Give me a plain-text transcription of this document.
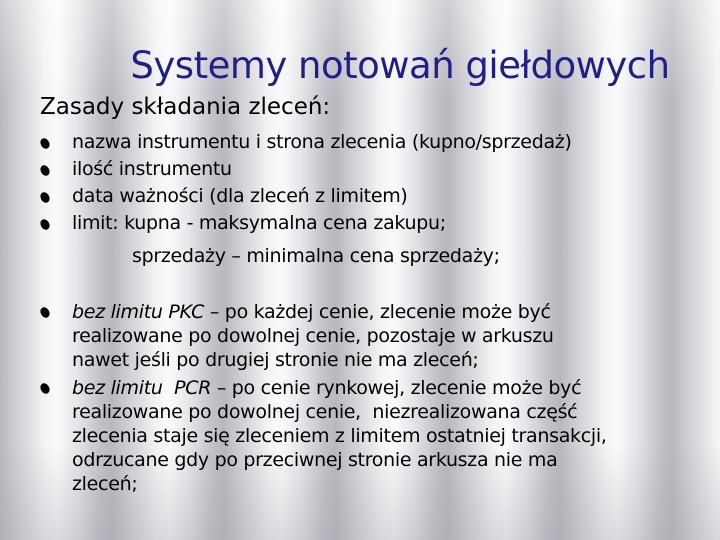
Systemy notowań giełdowych
Zasady składania zleceń:
nazwa instrumentu i strona zlecenia (kupno/sprzedaż)
ilość instrumentu
data ważności (dla zleceń z limitem)
limit: kupna - maksymalna cena zakupu;
sprzedaży – minimalna cena sprzedaży;
bez limitu PKC – po każdej cenie, zlecenie może być
realizowane po dowolnej cenie, pozostaje w arkuszu
nawet jeśli po drugiej stronie nie ma zleceń;
bez limitu  PCR – po cenie rynkowej, zlecenie może być
realizowane po dowolnej cenie,  niezrealizowana część
zlecenia staje się zleceniem z limitem ostatniej transakcji,
odrzucane gdy po przeciwnej stronie arkusza nie ma
zleceń;
